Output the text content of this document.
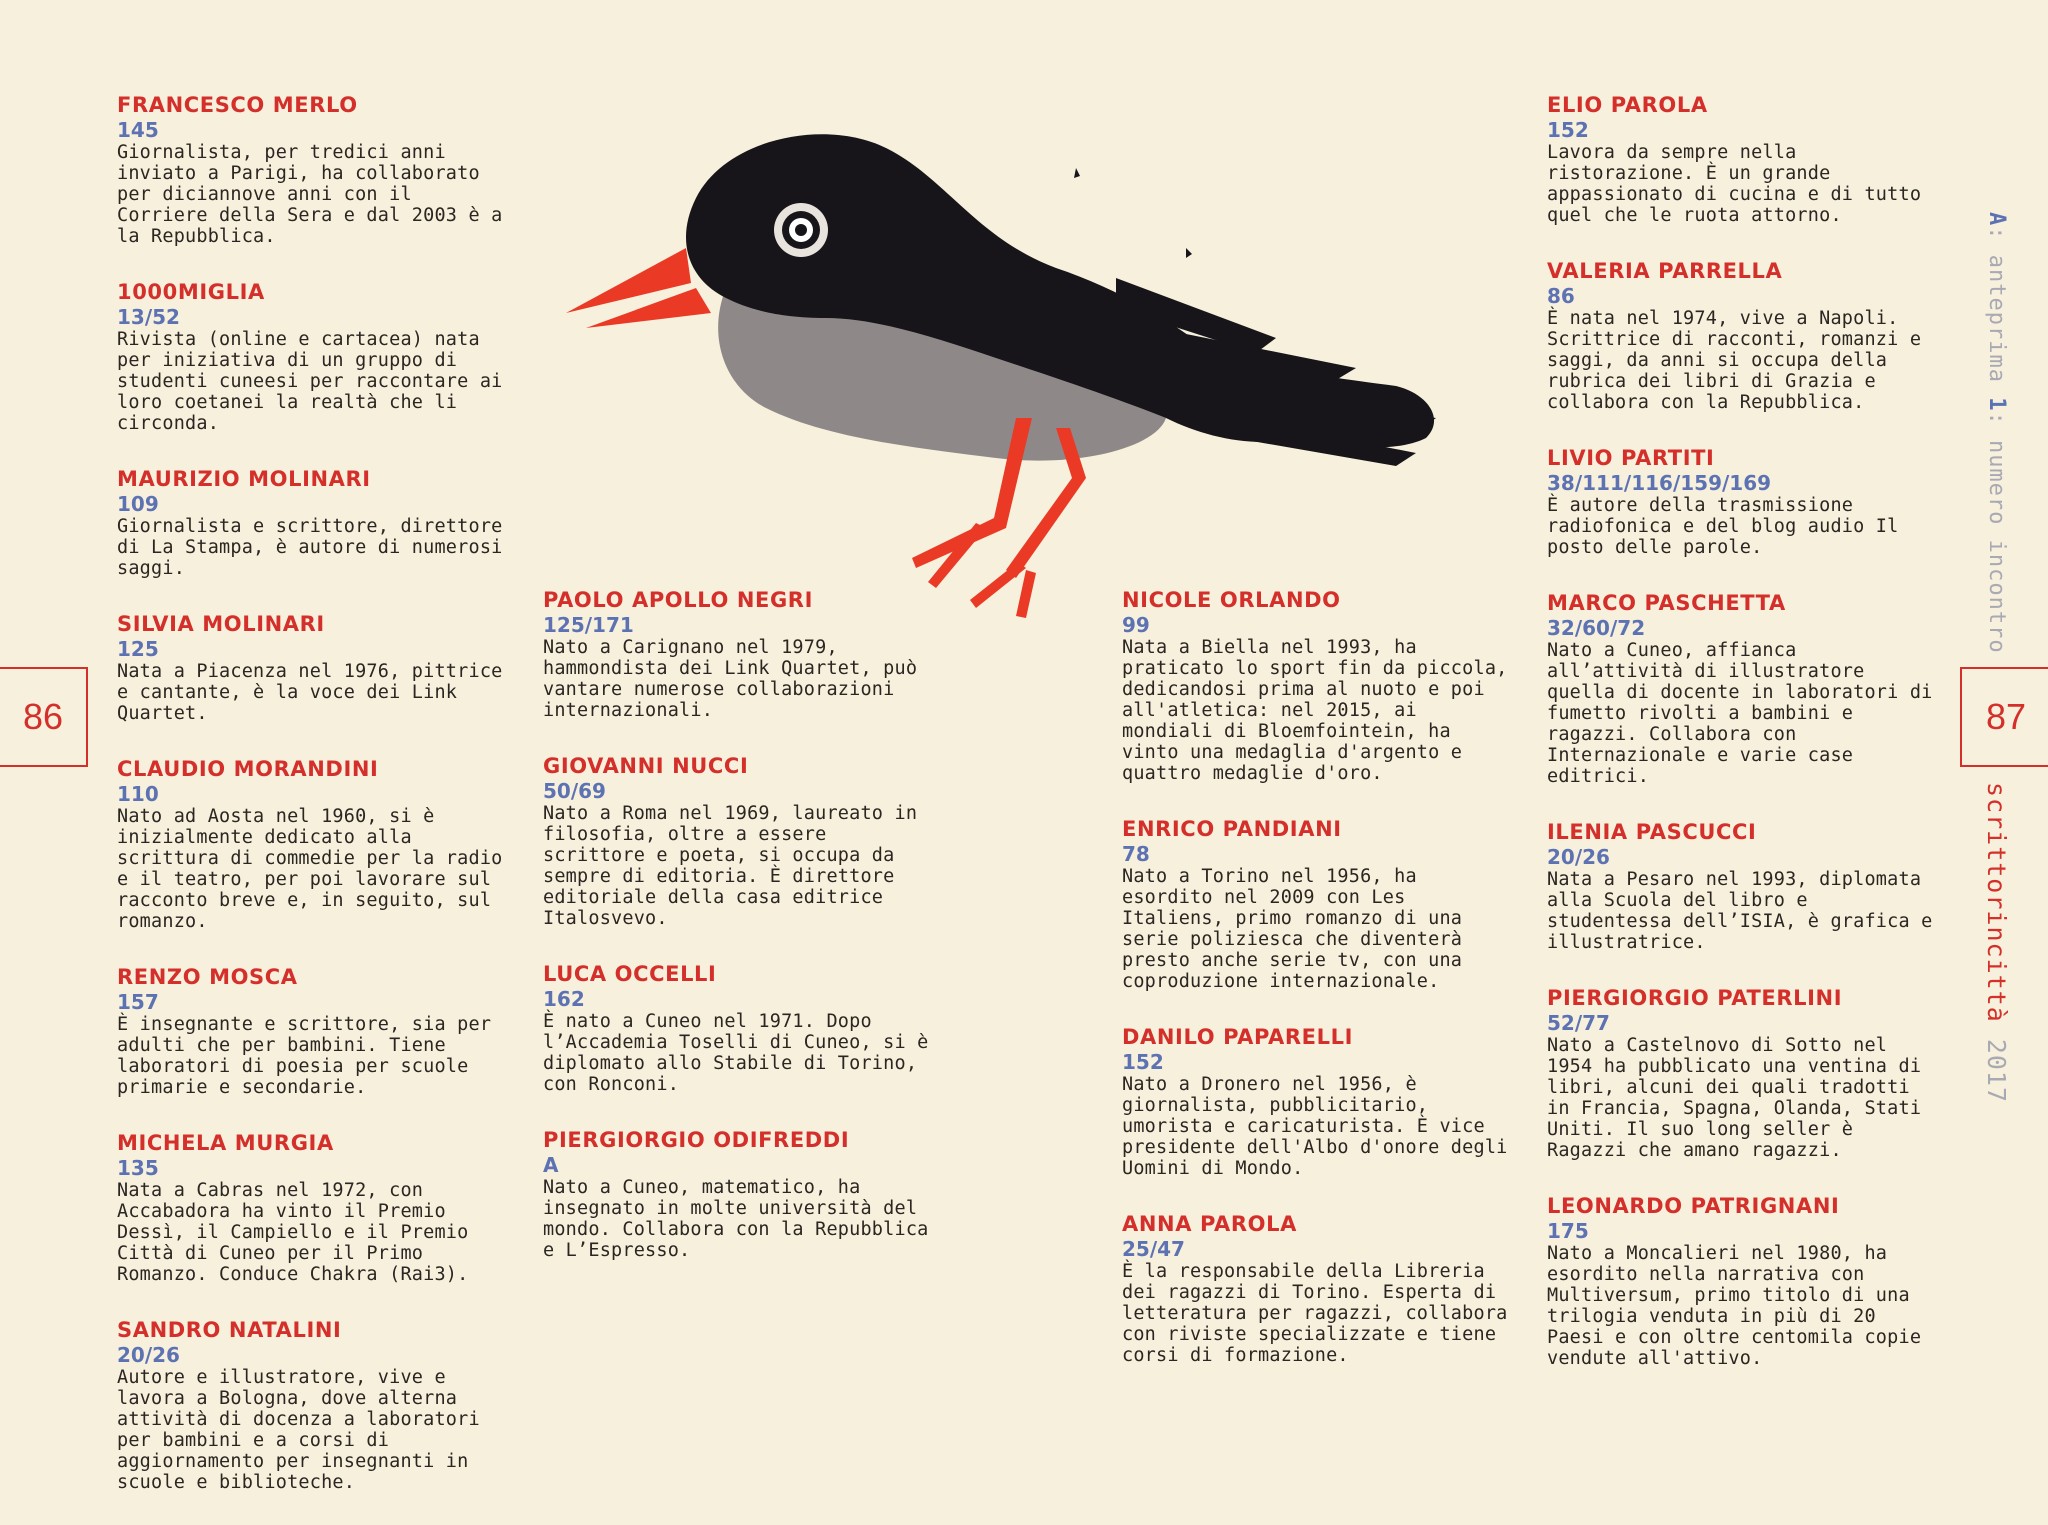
FRANCESCO MERLO
145
Giornalista, per tredici anni inviato a Parigi, ha collaborato per diciannove anni con il Corriere della Sera e dal 2003 è a la Repubblica.
1000MIGLIA
13/52
Rivista (online e cartacea) nata per iniziativa di un gruppo di studenti cuneesi per raccontare ai loro coetanei la realtà che li circonda.
MAURIZIO MOLINARI
109
Giornalista e scrittore, direttore di La Stampa, è autore di numerosi saggi.
SILVIA MOLINARI
125
Nata a Piacenza nel 1976, pittrice e cantante, è la voce dei Link Quartet.
CLAUDIO MORANDINI
110
Nato ad Aosta nel 1960, si è inizialmente dedicato alla scrittura di commedie per la radio e il teatro, per poi lavorare sul racconto breve e, in seguito, sul romanzo.
RENZO MOSCA
157
È insegnante e scrittore, sia per adulti che per bambini. Tiene laboratori di poesia per scuole primarie e secondarie.
MICHELA MURGIA
135
Nata a Cabras nel 1972, con Accabadora ha vinto il Premio Dessì, il Campiello e il Premio Città di Cuneo per il Primo Romanzo. Conduce Chakra (Rai3).
SANDRO NATALINI
20/26
Autore e illustratore, vive e lavora a Bologna, dove alterna attività di docenza a laboratori per bambini e a corsi di aggiornamento per insegnanti in scuole e biblioteche.
PAOLO APOLLO NEGRI
125/171
Nato a Carignano nel 1979, hammondista dei Link Quartet, può vantare numerose collaborazioni internazionali.
GIOVANNI NUCCI
50/69
Nato a Roma nel 1969, laureato in filosofia, oltre a essere scrittore e poeta, si occupa da sempre di editoria. È direttore editoriale della casa editrice Italosvevo.
LUCA OCCELLI
162
È nato a Cuneo nel 1971. Dopo l’Accademia Toselli di Cuneo, si è diplomato allo Stabile di Torino, con Ronconi.
PIERGIORGIO ODIFREDDI
A
Nato a Cuneo, matematico, ha insegnato in molte università del mondo. Collabora con la Repubblica e L’Espresso.
NICOLE ORLANDO
99
Nata a Biella nel 1993, ha praticato lo sport fin da piccola, dedicandosi prima al nuoto e poi all'atletica: nel 2015, ai mondiali di Bloemfointein, ha vinto una medaglia d'argento e quattro medaglie d'oro.
ENRICO PANDIANI
78
Nato a Torino nel 1956, ha esordito nel 2009 con Les Italiens, primo romanzo di una serie poliziesca che diventerà presto anche serie tv, con una coproduzione internazionale.
DANILO PAPARELLI
152
Nato a Dronero nel 1956, è giornalista, pubblicitario, umorista e caricaturista. È vice presidente dell'Albo d'onore degli Uomini di Mondo.
ANNA PAROLA
25/47
È la responsabile della Libreria dei ragazzi di Torino. Esperta di letteratura per ragazzi, collabora con riviste specializzate e tiene corsi di formazione.
ELIO PAROLA
152
Lavora da sempre nella ristorazione. È un grande appassionato di cucina e di tutto quel che le ruota attorno.
VALERIA PARRELLA
86
È nata nel 1974, vive a Napoli. Scrittrice di racconti, romanzi e saggi, da anni si occupa della rubrica dei libri di Grazia e collabora con la Repubblica.
LIVIO PARTITI
38/111/116/159/169
È autore della trasmissione radiofonica e del blog audio Il posto delle parole.
MARCO PASCHETTA
32/60/72
Nato a Cuneo, affianca all’attività di illustratore quella di docente in laboratori di fumetto rivolti a bambini e ragazzi. Collabora con Internazionale e varie case editrici.
ILENIA PASCUCCI
20/26
Nata a Pesaro nel 1993, diplomata alla Scuola del libro e studentessa dell’ISIA, è grafica e illustratrice.
PIERGIORGIO PATERLINI
52/77
Nato a Castelnovo di Sotto nel 1954 ha pubblicato una ventina di libri, alcuni dei quali tradotti in Francia, Spagna, Olanda, Stati Uniti. Il suo long seller è Ragazzi che amano ragazzi.
LEONARDO PATRIGNANI
175
Nato a Moncalieri nel 1980, ha esordito nella narrativa con Multiversum, primo titolo di una trilogia venduta in più di 20 Paesi e con oltre centomila copie vendute all'attivo.
86	87
A: anteprima 1: numero incontro
scrittorincittà 2017
